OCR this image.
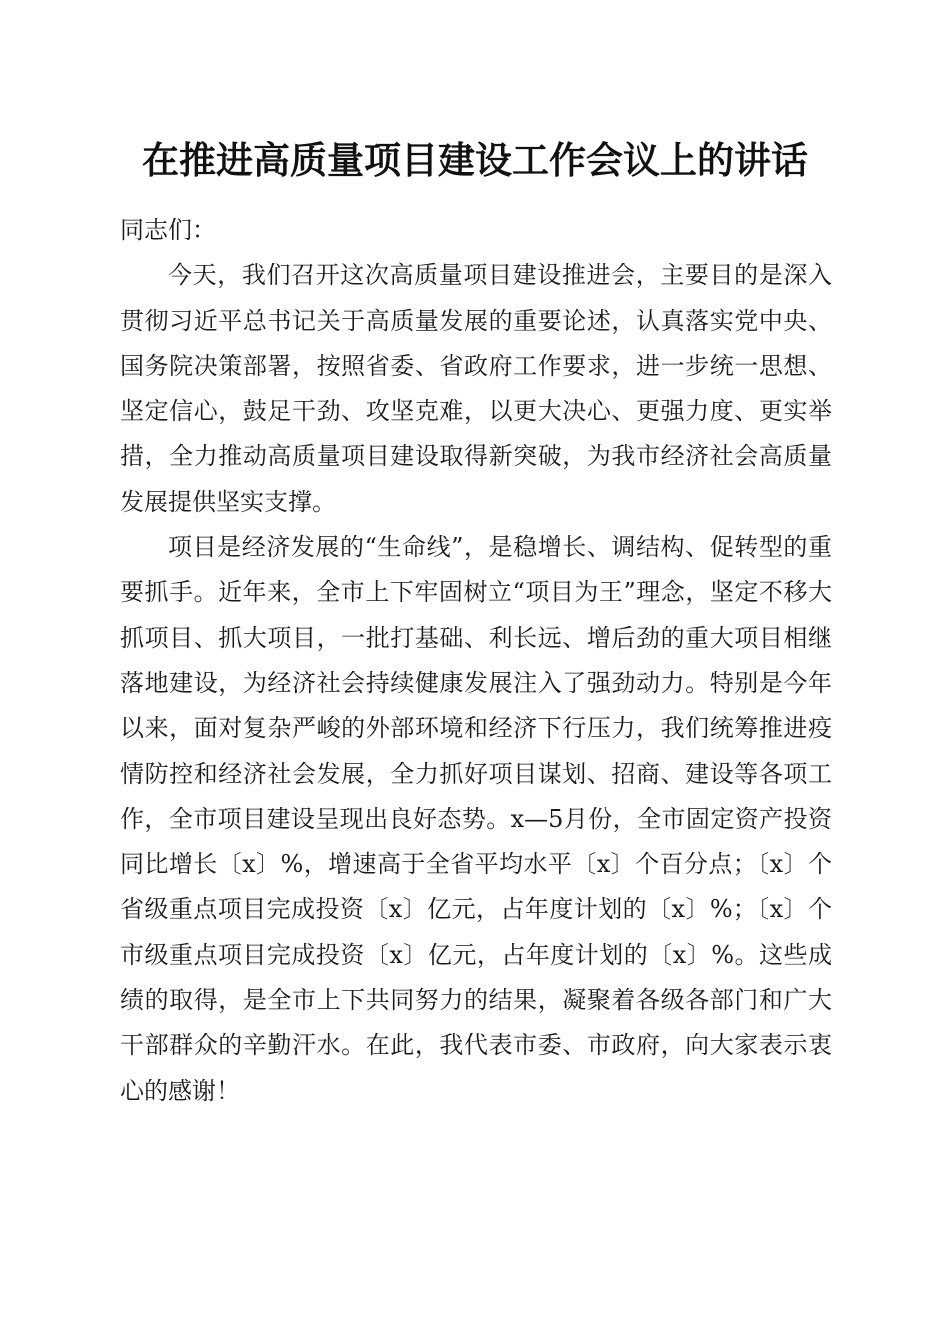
在推进高质量项目建设工作会议上的讲话

同志们：

今天，我们召开这次高质量项目建设推进会，主要目的是深入贯彻习近平总书记关于高质量发展的重要论述，认真落实党中央、国务院决策部署，按照省委、省政府工作要求，进一步统一思想、坚定信心，鼓足干劲、攻坚克难，以更大决心、更强力度、更实举措，全力推动高质量项目建设取得新突破，为我市经济社会高质量发展提供坚实支撑。

项目是经济发展的“生命线”，是稳增长、调结构、促转型的重要抓手。近年来，全市上下牢固树立“项目为王”理念，坚定不移大抓项目、抓大项目，一批打基础、利长远、增后劲的重大项目相继落地建设，为经济社会持续健康发展注入了强劲动力。特别是今年以来，面对复杂严峻的外部环境和经济下行压力，我们统筹推进疫情防控和经济社会发展，全力抓好项目谋划、招商、建设等各项工作，全市项目建设呈现出良好态势。x—5月份，全市固定资产投资同比增长〔x〕%，增速高于全省平均水平〔x〕个百分点；〔x〕个省级重点项目完成投资〔x〕亿元，占年度计划的〔x〕%；〔x〕个市级重点项目完成投资〔x〕亿元，占年度计划的〔x〕%。这些成绩的取得，是全市上下共同努力的结果，凝聚着各级各部门和广大干部群众的辛勤汗水。在此，我代表市委、市政府，向大家表示衷心的感谢！
